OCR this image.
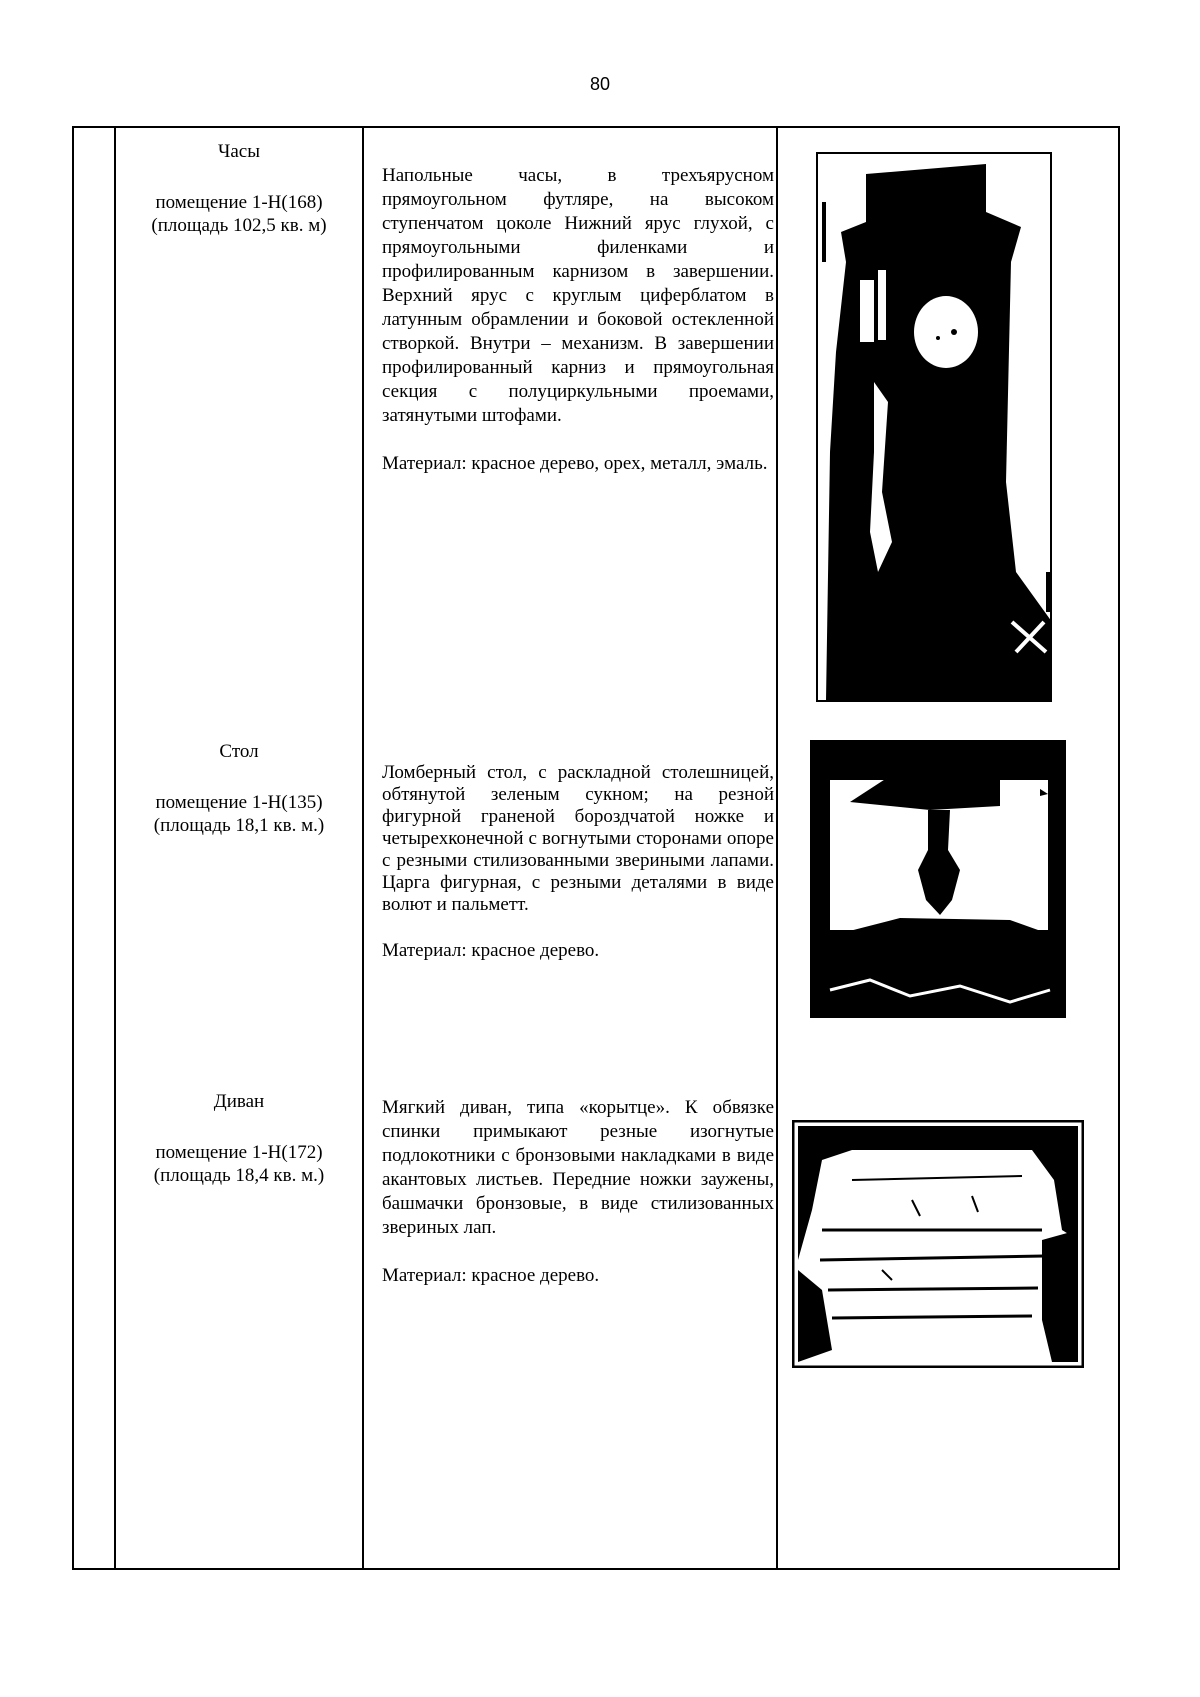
80
Часы
помещение 1-Н(168)
(площадь 102,5 кв. м)

Напольные часы, в трехъярусном прямоугольном футляре, на высоком ступенчатом цоколе Нижний ярус глухой, с прямоугольными филенками и профилированным карнизом в завершении. Верхний ярус с круглым циферблатом в латунным обрамлении и боковой остекленной створкой. Внутри – механизм. В завершении профилированный карниз и прямоугольная секция с полуциркульными проемами, затянутыми штофами.

Материал: красное дерево, орех, металл, эмаль.

Стол
помещение 1-Н(135)
(площадь 18,1 кв. м.)

Ломберный стол, с раскладной столешницей, обтянутой зеленым сукном; на резной фигурной граненой бороздчатой ножке и четырехконечной с вогнутыми сторонами опоре с резными стилизованными звериными лапами. Царга фигурная, с резными деталями в виде волют и пальметт.

Материал: красное дерево.

Диван
помещение 1-Н(172)
(площадь 18,4 кв. м.)

Мягкий диван, типа «корытце». К обвязке спинки примыкают резные изогнутые подлокотники с бронзовыми накладками в виде акантовых листьев. Передние ножки заужены, башмачки бронзовые, в виде стилизованных звериных лап.

Материал: красное дерево.
